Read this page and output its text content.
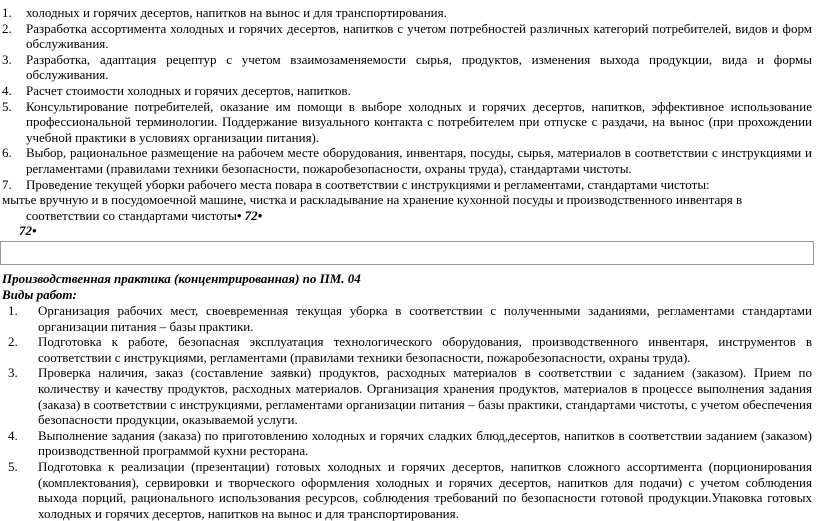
1. холодных и горячих десертов, напитков на вынос и для транспортирования.
2. Разработка ассортимента холодных и горячих десертов, напитков с учетом потребностей различных категорий потребителей, видов и форм обслуживания.
3. Разработка, адаптация рецептур с учетом взаимозаменяемости сырья, продуктов, изменения выхода продукции, вида и формы обслуживания.
4. Расчет стоимости холодных и горячих десертов, напитков.
5. Консультирование потребителей, оказание им помощи в выборе холодных и горячих десертов, напитков, эффективное использование профессиональной терминологии. Поддержание визуального контакта с потребителем при отпуске с раздачи, на вынос (при прохождении учебной практики в условиях организации питания).
6. Выбор, рациональное размещение на рабочем месте оборудования, инвентаря, посуды, сырья, материалов в соответствии с инструкциями и регламентами (правилами техники безопасности, пожаробезопасности, охраны труда), стандартами чистоты.
7. Проведение текущей уборки рабочего места повара в соответствии с инструкциями и регламентами, стандартами чистоты:
мытье вручную и в посудомоечной машине, чистка и раскладывание на хранение кухонной посуды и производственного инвентаря в
соответствии со стандартами чистоты• 72•
72•
Производственная практика (концентрированная) по ПМ. 04
Виды работ:
1. Организация рабочих мест, своевременная текущая уборка в соответствии с полученными заданиями, регламентами стандартами организации питания – базы практики.
2. Подготовка к работе, безопасная эксплуатация технологического оборудования, производственного инвентаря, инструментов в соответствии с инструкциями, регламентами (правилами техники безопасности, пожаробезопасности, охраны труда).
3. Проверка наличия, заказ (составление заявки) продуктов, расходных материалов в соответствии с заданием (заказом). Прием по количеству и качеству продуктов, расходных материалов. Организация хранения продуктов, материалов в процессе выполнения задания (заказа) в соответствии с инструкциями, регламентами организации питания – базы практики, стандартами чистоты, с учетом обеспечения безопасности продукции, оказываемой услуги.
4. Выполнение задания (заказа) по приготовлению холодных и горячих сладких блюд,десертов, напитков в соответствии заданием (заказом) производственной программой кухни ресторана.
5. Подготовка к реализации (презентации) готовых холодных и горячих десертов, напитков сложного ассортимента (порционирования (комплектования), сервировки и творческого оформления холодных и горячих десертов, напитков для подачи) с учетом соблюдения выхода порций, рационального использования ресурсов, соблюдения требований по безопасности готовой продукции.Упаковка готовых холодных и горячих десертов, напитков на вынос и для транспортирования.
